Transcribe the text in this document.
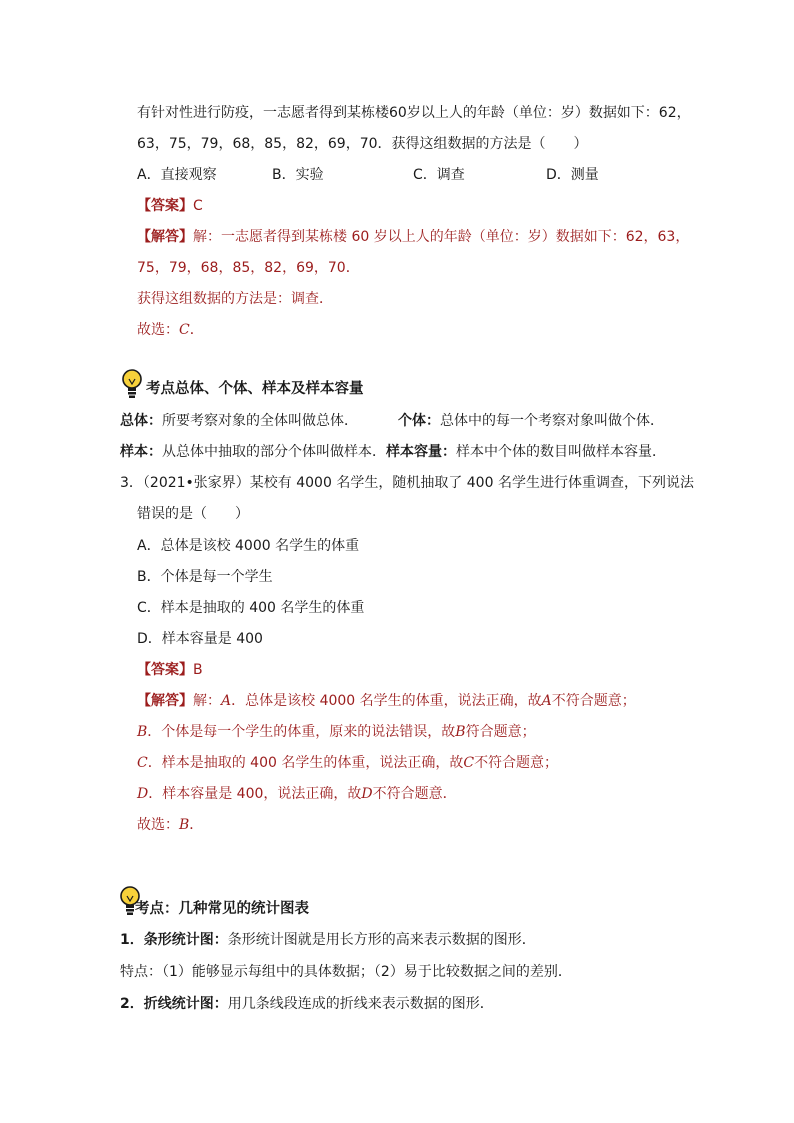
有针对性进行防疫，一志愿者得到某栋楼60岁以上人的年龄（单位：岁）数据如下：62，
63，75，79，68，85，82，69，70．获得这组数据的方法是（　　）
A．直接观察	B．实验	C．调查	D．测量
【答案】C
【解答】解：一志愿者得到某栋楼 60 岁以上人的年龄（单位：岁）数据如下：62，63，
75，79，68，85，82，69，70．
获得这组数据的方法是：调查．
故选：C．
考点总体、个体、样本及样本容量
总体：所要考察对象的全体叫做总体．	个体：总体中的每一个考察对象叫做个体．
样本：从总体中抽取的部分个体叫做样本．样本容量：样本中个体的数目叫做样本容量．
3．（2021•张家界）某校有 4000 名学生，随机抽取了 400 名学生进行体重调查，下列说法
错误的是（　　）
A．总体是该校 4000 名学生的体重
B．个体是每一个学生
C．样本是抽取的 400 名学生的体重
D．样本容量是 400
【答案】B
【解答】解：A．总体是该校 4000 名学生的体重，说法正确，故A不符合题意；
B．个体是每一个学生的体重，原来的说法错误，故B符合题意；
C．样本是抽取的 400 名学生的体重，说法正确，故C不符合题意；
D．样本容量是 400，说法正确，故D不符合题意．
故选：B．
考点：几种常见的统计图表
1．条形统计图：条形统计图就是用长方形的高来表示数据的图形．
特点：（1）能够显示每组中的具体数据；（2）易于比较数据之间的差别．
2．折线统计图：用几条线段连成的折线来表示数据的图形．
